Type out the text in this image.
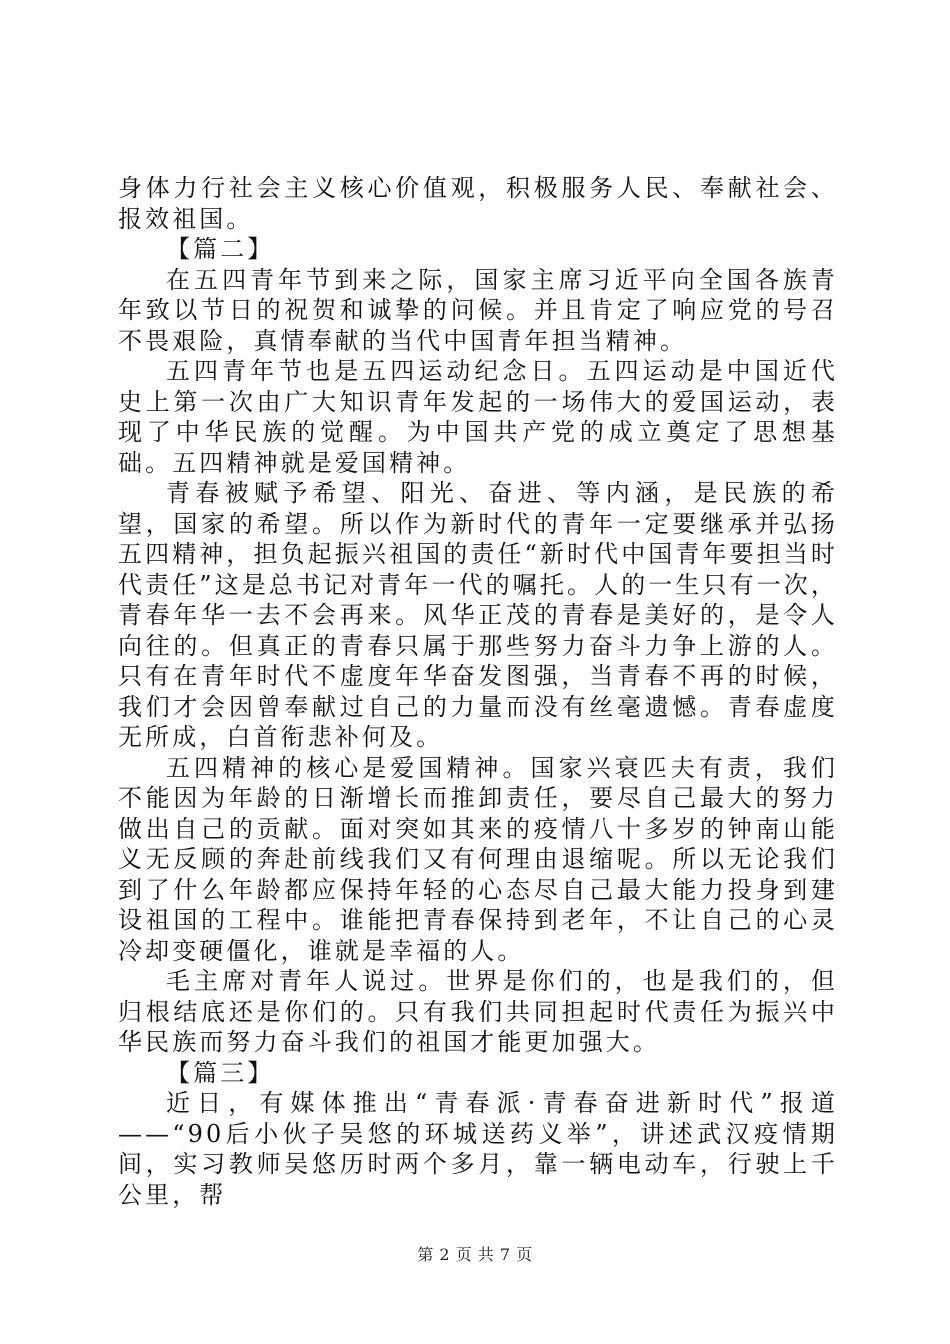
身体力行社会主义核心价值观，积极服务人民、奉献社会、报效祖国。

【篇二】

在五四青年节到来之际，国家主席习近平向全国各族青年致以节日的祝贺和诚挚的问候。并且肯定了响应党的号召不畏艰险，真情奉献的当代中国青年担当精神。

五四青年节也是五四运动纪念日。五四运动是中国近代史上第一次由广大知识青年发起的一场伟大的爱国运动，表现了中华民族的觉醒。为中国共产党的成立奠定了思想基础。五四精神就是爱国精神。

青春被赋予希望、阳光、奋进、等内涵，是民族的希望，国家的希望。所以作为新时代的青年一定要继承并弘扬五四精神，担负起振兴祖国的责任“新时代中国青年要担当时代责任”这是总书记对青年一代的嘱托。人的一生只有一次，青春年华一去不会再来。风华正茂的青春是美好的，是令人向往的。但真正的青春只属于那些努力奋斗力争上游的人。只有在青年时代不虚度年华奋发图强，当青春不再的时候，我们才会因曾奉献过自己的力量而没有丝毫遗憾。青春虚度无所成，白首衔悲补何及。

五四精神的核心是爱国精神。国家兴衰匹夫有责，我们不能因为年龄的日渐增长而推卸责任，要尽自己最大的努力做出自己的贡献。面对突如其来的疫情八十多岁的钟南山能义无反顾的奔赴前线我们又有何理由退缩呢。所以无论我们到了什么年龄都应保持年轻的心态尽自己最大能力投身到建设祖国的工程中。谁能把青春保持到老年，不让自己的心灵冷却变硬僵化，谁就是幸福的人。

毛主席对青年人说过。世界是你们的，也是我们的，但归根结底还是你们的。只有我们共同担起时代责任为振兴中华民族而努力奋斗我们的祖国才能更加强大。

【篇三】

近日，有媒体推出“青春派·青春奋进新时代”报道——“90后小伙子吴悠的环城送药义举”，讲述武汉疫情期间，实习教师吴悠历时两个多月，靠一辆电动车，行驶上千公里，帮

第 2 页 共 7 页
